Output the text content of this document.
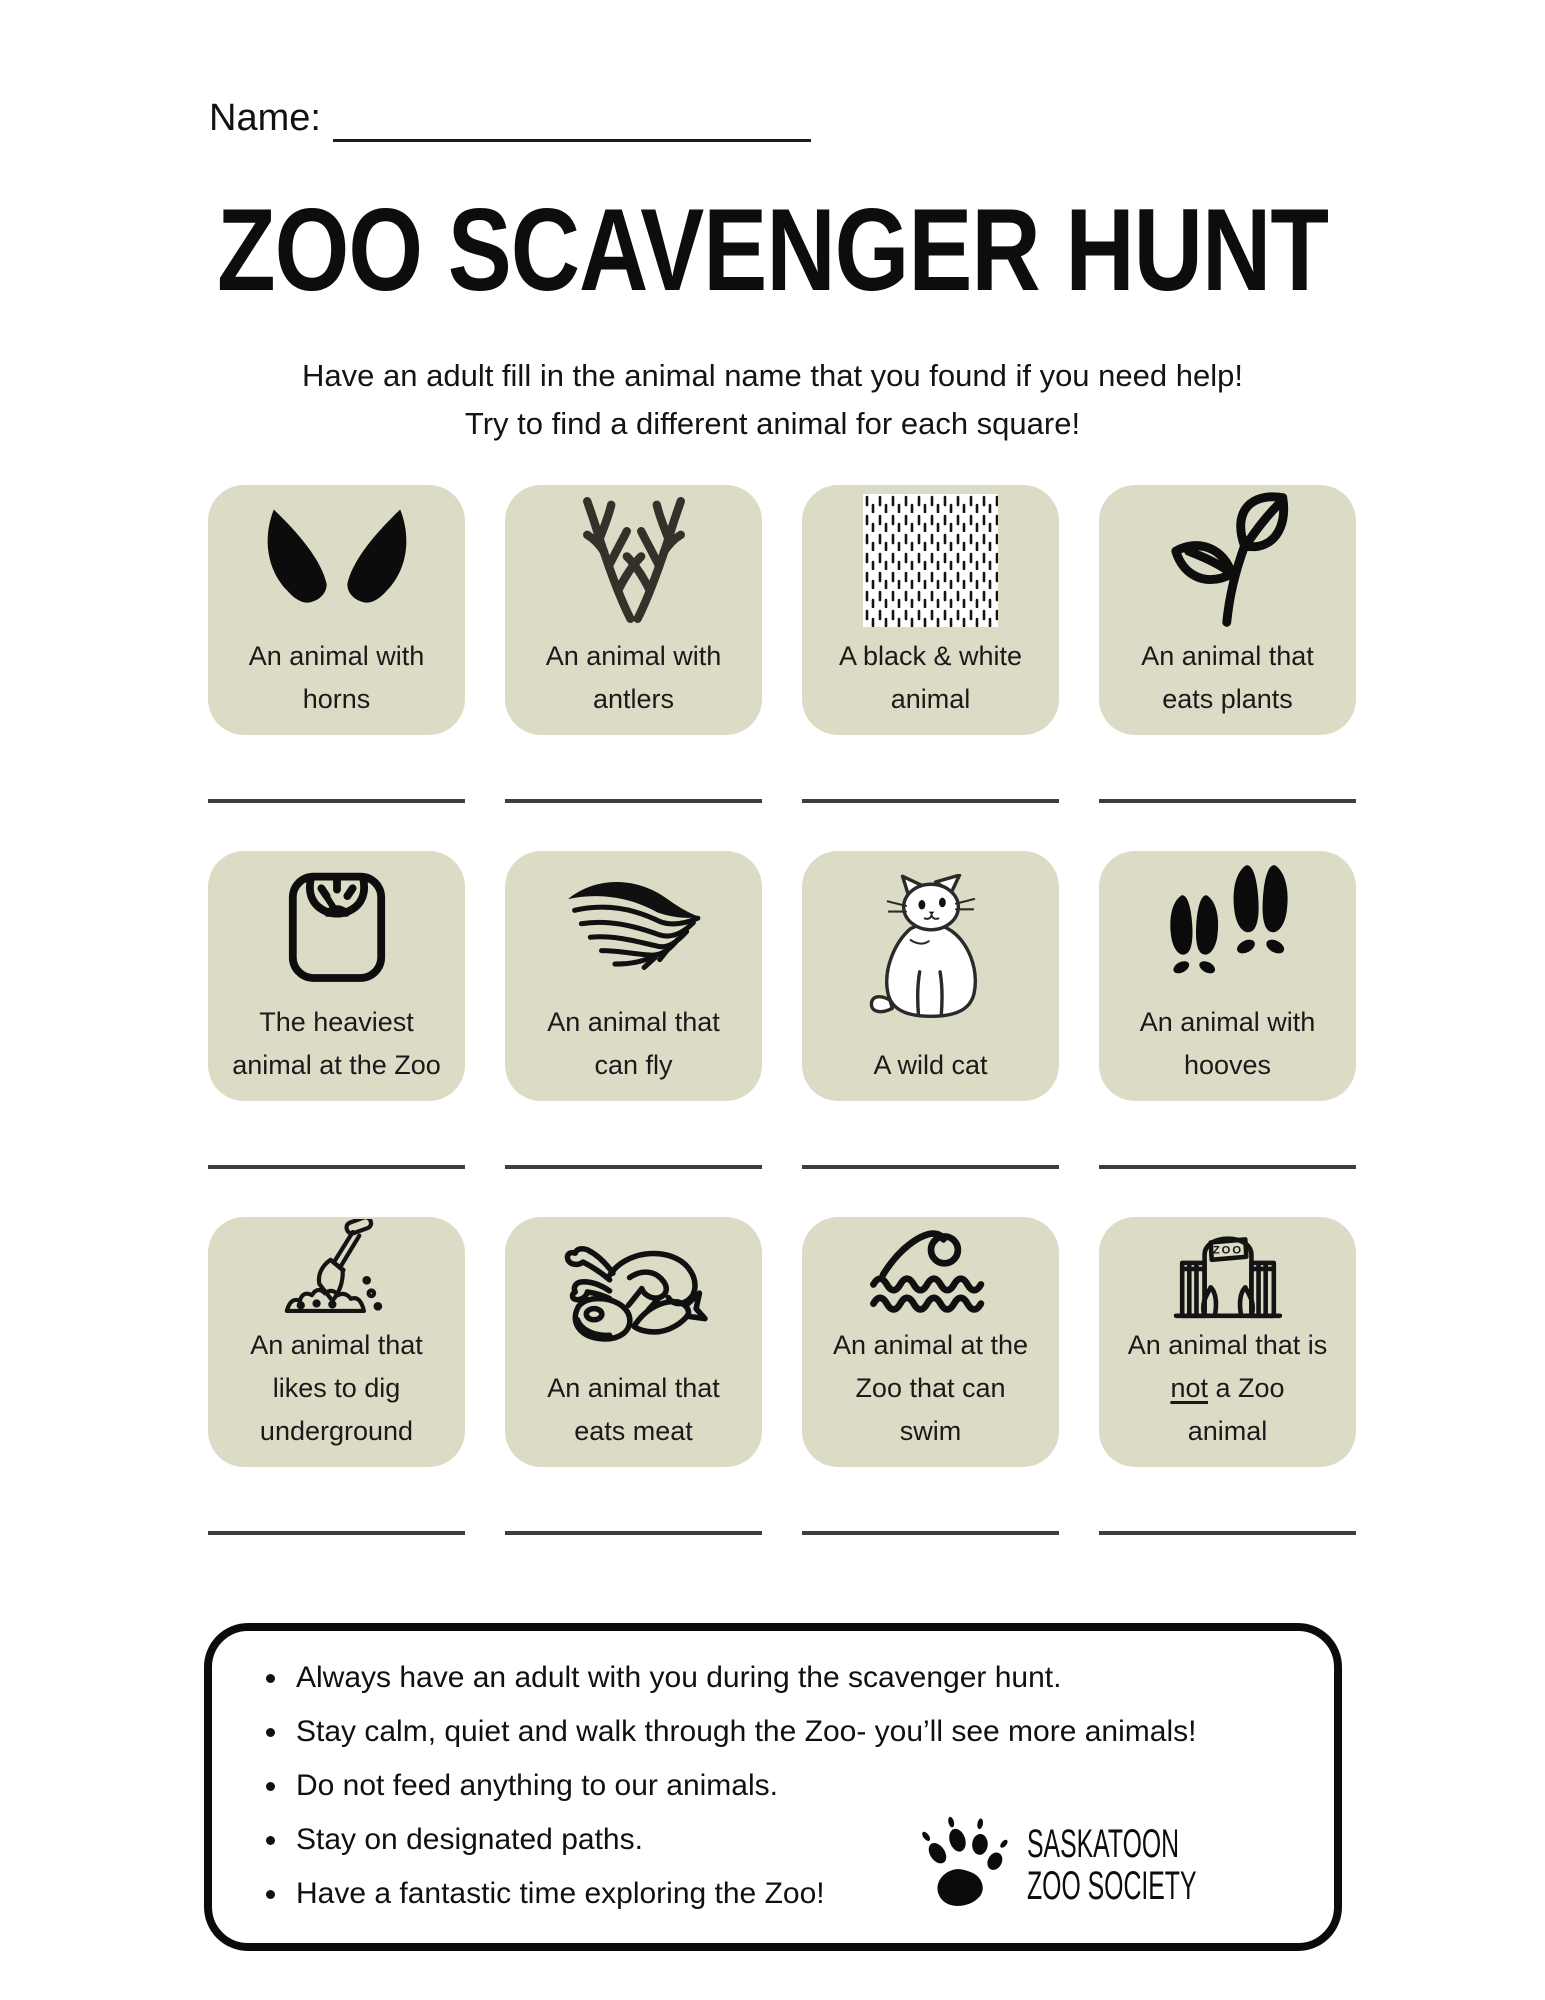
Name:
ZOO SCAVENGER HUNT
Have an adult fill in the animal name that you found if you need help!
Try to find a different animal for each square!
An animal with
horns
An animal with
antlers
A black & white
animal
An animal that
eats plants
The heaviest
animal at the Zoo
An animal that
can fly	A wild cat
An animal with
hooves
An animal that
likes to dig
underground
An animal that
eats meat
An animal at the
Zoo that can
swim
ZOO
An animal that is
not a Zoo
animal
• Always have an adult with you during the scavenger hunt.
• Stay calm, quiet and walk through the Zoo- you’ll see more animals!
• Do not feed anything to our animals.
• Stay on designated paths.
• Have a fantastic time exploring the Zoo!
SASKATOON
ZOO SOCIETY
